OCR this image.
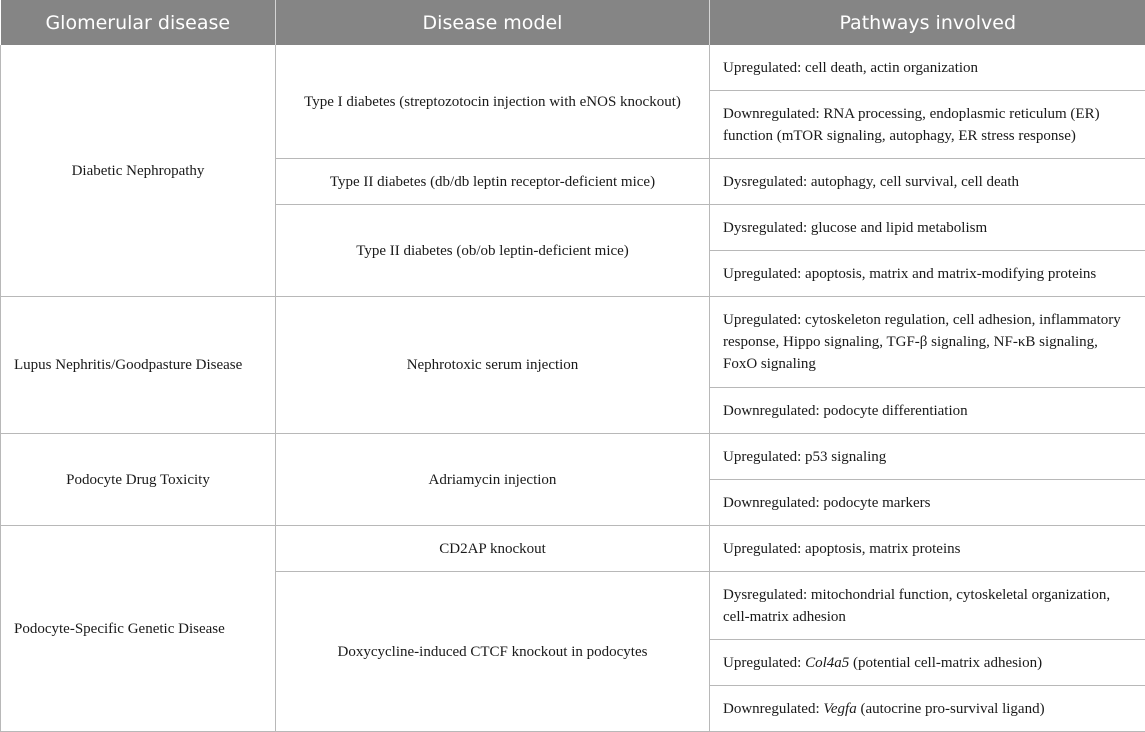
Glomerular disease	Disease model	Pathways involved
Diabetic Nephropathy	Type I diabetes (streptozotocin injection with eNOS knockout)	Upregulated: cell death, actin organization
		Downregulated: RNA processing, endoplasmic reticulum (ER) function (mTOR signaling, autophagy, ER stress response)
	Type II diabetes (db/db leptin receptor-deficient mice)	Dysregulated: autophagy, cell survival, cell death
	Type II diabetes (ob/ob leptin-deficient mice)	Dysregulated: glucose and lipid metabolism
		Upregulated: apoptosis, matrix and matrix-modifying proteins
Lupus Nephritis/Goodpasture Disease	Nephrotoxic serum injection	Upregulated: cytoskeleton regulation, cell adhesion, inflammatory response, Hippo signaling, TGF-β signaling, NF-κB signaling, FoxO signaling
		Downregulated: podocyte differentiation
Podocyte Drug Toxicity	Adriamycin injection	Upregulated: p53 signaling
		Downregulated: podocyte markers
Podocyte-Specific Genetic Disease	CD2AP knockout	Upregulated: apoptosis, matrix proteins
	Doxycycline-induced CTCF knockout in podocytes	Dysregulated: mitochondrial function, cytoskeletal organization, cell-matrix adhesion
		Upregulated: Col4a5 (potential cell-matrix adhesion)
		Downregulated: Vegfa (autocrine pro-survival ligand)
